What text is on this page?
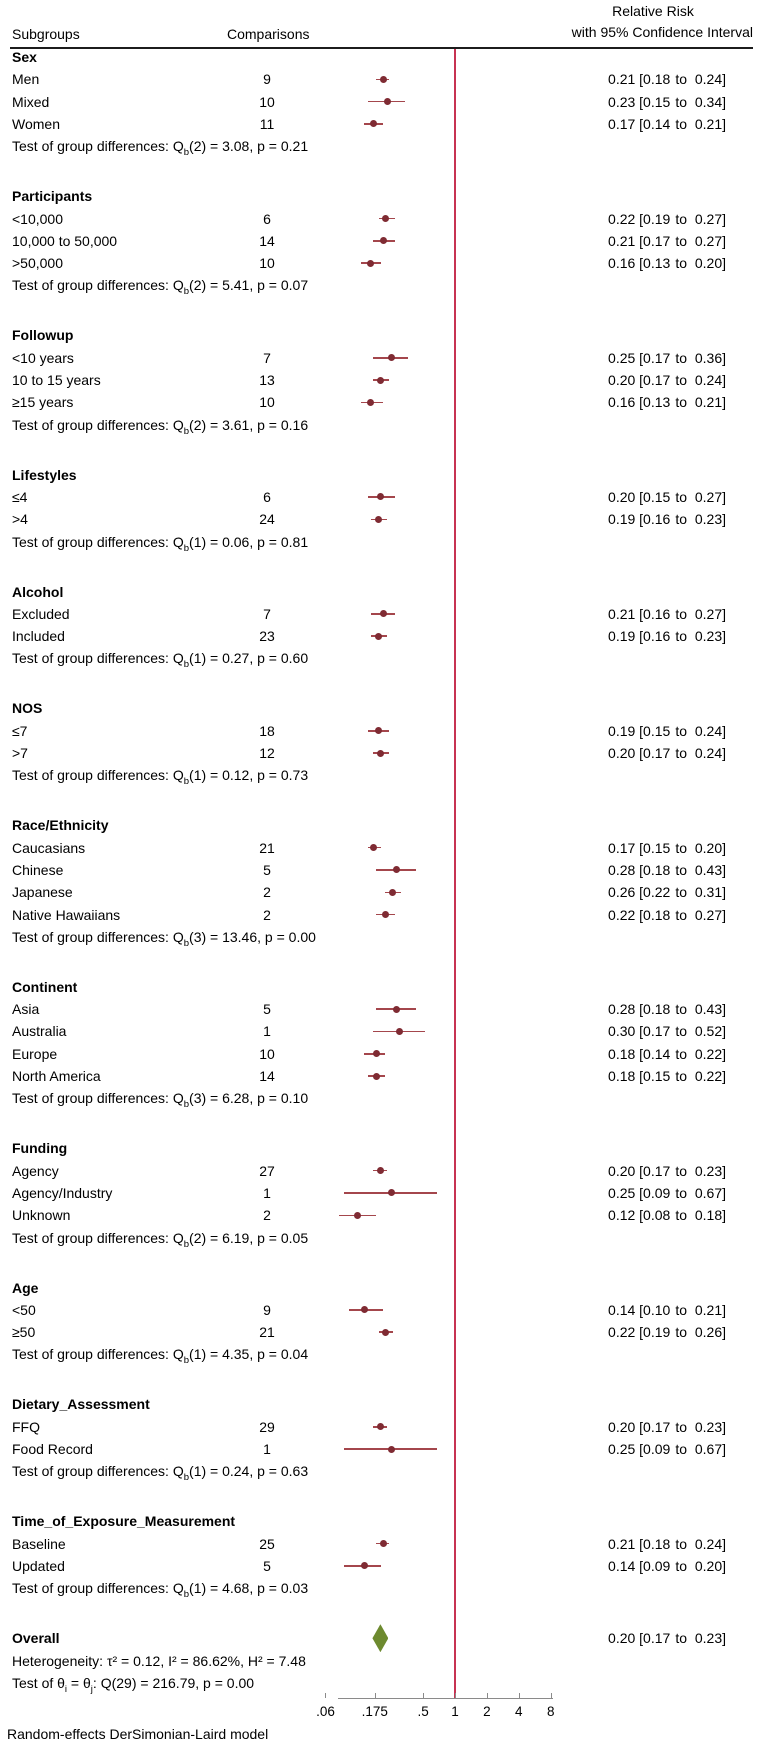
Relative Risk
with 95% Confidence Interval
Subgroups	Comparisons
Sex
Men	9	0.21 [0.18 to 0.24]
Mixed	10	0.23 [0.15 to 0.34]
Women	11	0.17 [0.14 to 0.21]
Test of group differences: $Q_b(2) = 3.08$, p = 0.21
Participants
<10,000	6	0.22 [0.19 to 0.27]
10,000 to 50,000	14	0.21 [0.17 to 0.27]
>50,000	10	0.16 [0.13 to 0.20]
Test of group differences: $Q_b(2) = 5.41$, p = 0.07
Followup
<10 years	7	0.25 [0.17 to 0.36]
10 to 15 years	13	0.20 [0.17 to 0.24]
≥15 years	10	0.16 [0.13 to 0.21]
Test of group differences: $Q_b(2) = 3.61$, p = 0.16
Lifestyles
≤4	6	0.20 [0.15 to 0.27]
>4	24	0.19 [0.16 to 0.23]
Test of group differences: $Q_b(1) = 0.06$, p = 0.81
Alcohol
Excluded	7	0.21 [0.16 to 0.27]
Included	23	0.19 [0.16 to 0.23]
Test of group differences: $Q_b(1) = 0.27$, p = 0.60
NOS
≤7	18	0.19 [0.15 to 0.24]
>7	12	0.20 [0.17 to 0.24]
Test of group differences: $Q_b(1) = 0.12$, p = 0.73
Race/Ethnicity
Caucasians	21	0.17 [0.15 to 0.20]
Chinese	5	0.28 [0.18 to 0.43]
Japanese	2	0.26 [0.22 to 0.31]
Native Hawaiians	2	0.22 [0.18 to 0.27]
Test of group differences: $Q_b(3) = 13.46$, p = 0.00
Continent
Asia	5	0.28 [0.18 to 0.43]
Australia	1	0.30 [0.17 to 0.52]
Europe	10	0.18 [0.14 to 0.22]
North America	14	0.18 [0.15 to 0.22]
Test of group differences: $Q_b(3) = 6.28$, p = 0.10
Funding
Agency	27	0.20 [0.17 to 0.23]
Agency/Industry	1	0.25 [0.09 to 0.67]
Unknown	2	0.12 [0.08 to 0.18]
Test of group differences: $Q_b(2) = 6.19$, p = 0.05
Age
<50	9	0.14 [0.10 to 0.21]
≥50	21	0.22 [0.19 to 0.26]
Test of group differences: $Q_b(1) = 4.35$, p = 0.04
Dietary_Assessment
FFQ	29	0.20 [0.17 to 0.23]
Food Record	1	0.25 [0.09 to 0.67]
Test of group differences: $Q_b(1) = 0.24$, p = 0.63
Time_of_Exposure_Measurement
Baseline	25	0.21 [0.18 to 0.24]
Updated	5	0.14 [0.09 to 0.20]
Test of group differences: $Q_b(1) = 4.68$, p = 0.03
Overall	0.20 [0.17 to 0.23]
Heterogeneity: τ² = 0.12, I² = 86.62%, H² = 7.48
Test of $\theta_i = \theta_j$: Q(29) = 216.79, p = 0.00
.06	.175	.5	1	2	4	8
Random-effects DerSimonian-Laird model
